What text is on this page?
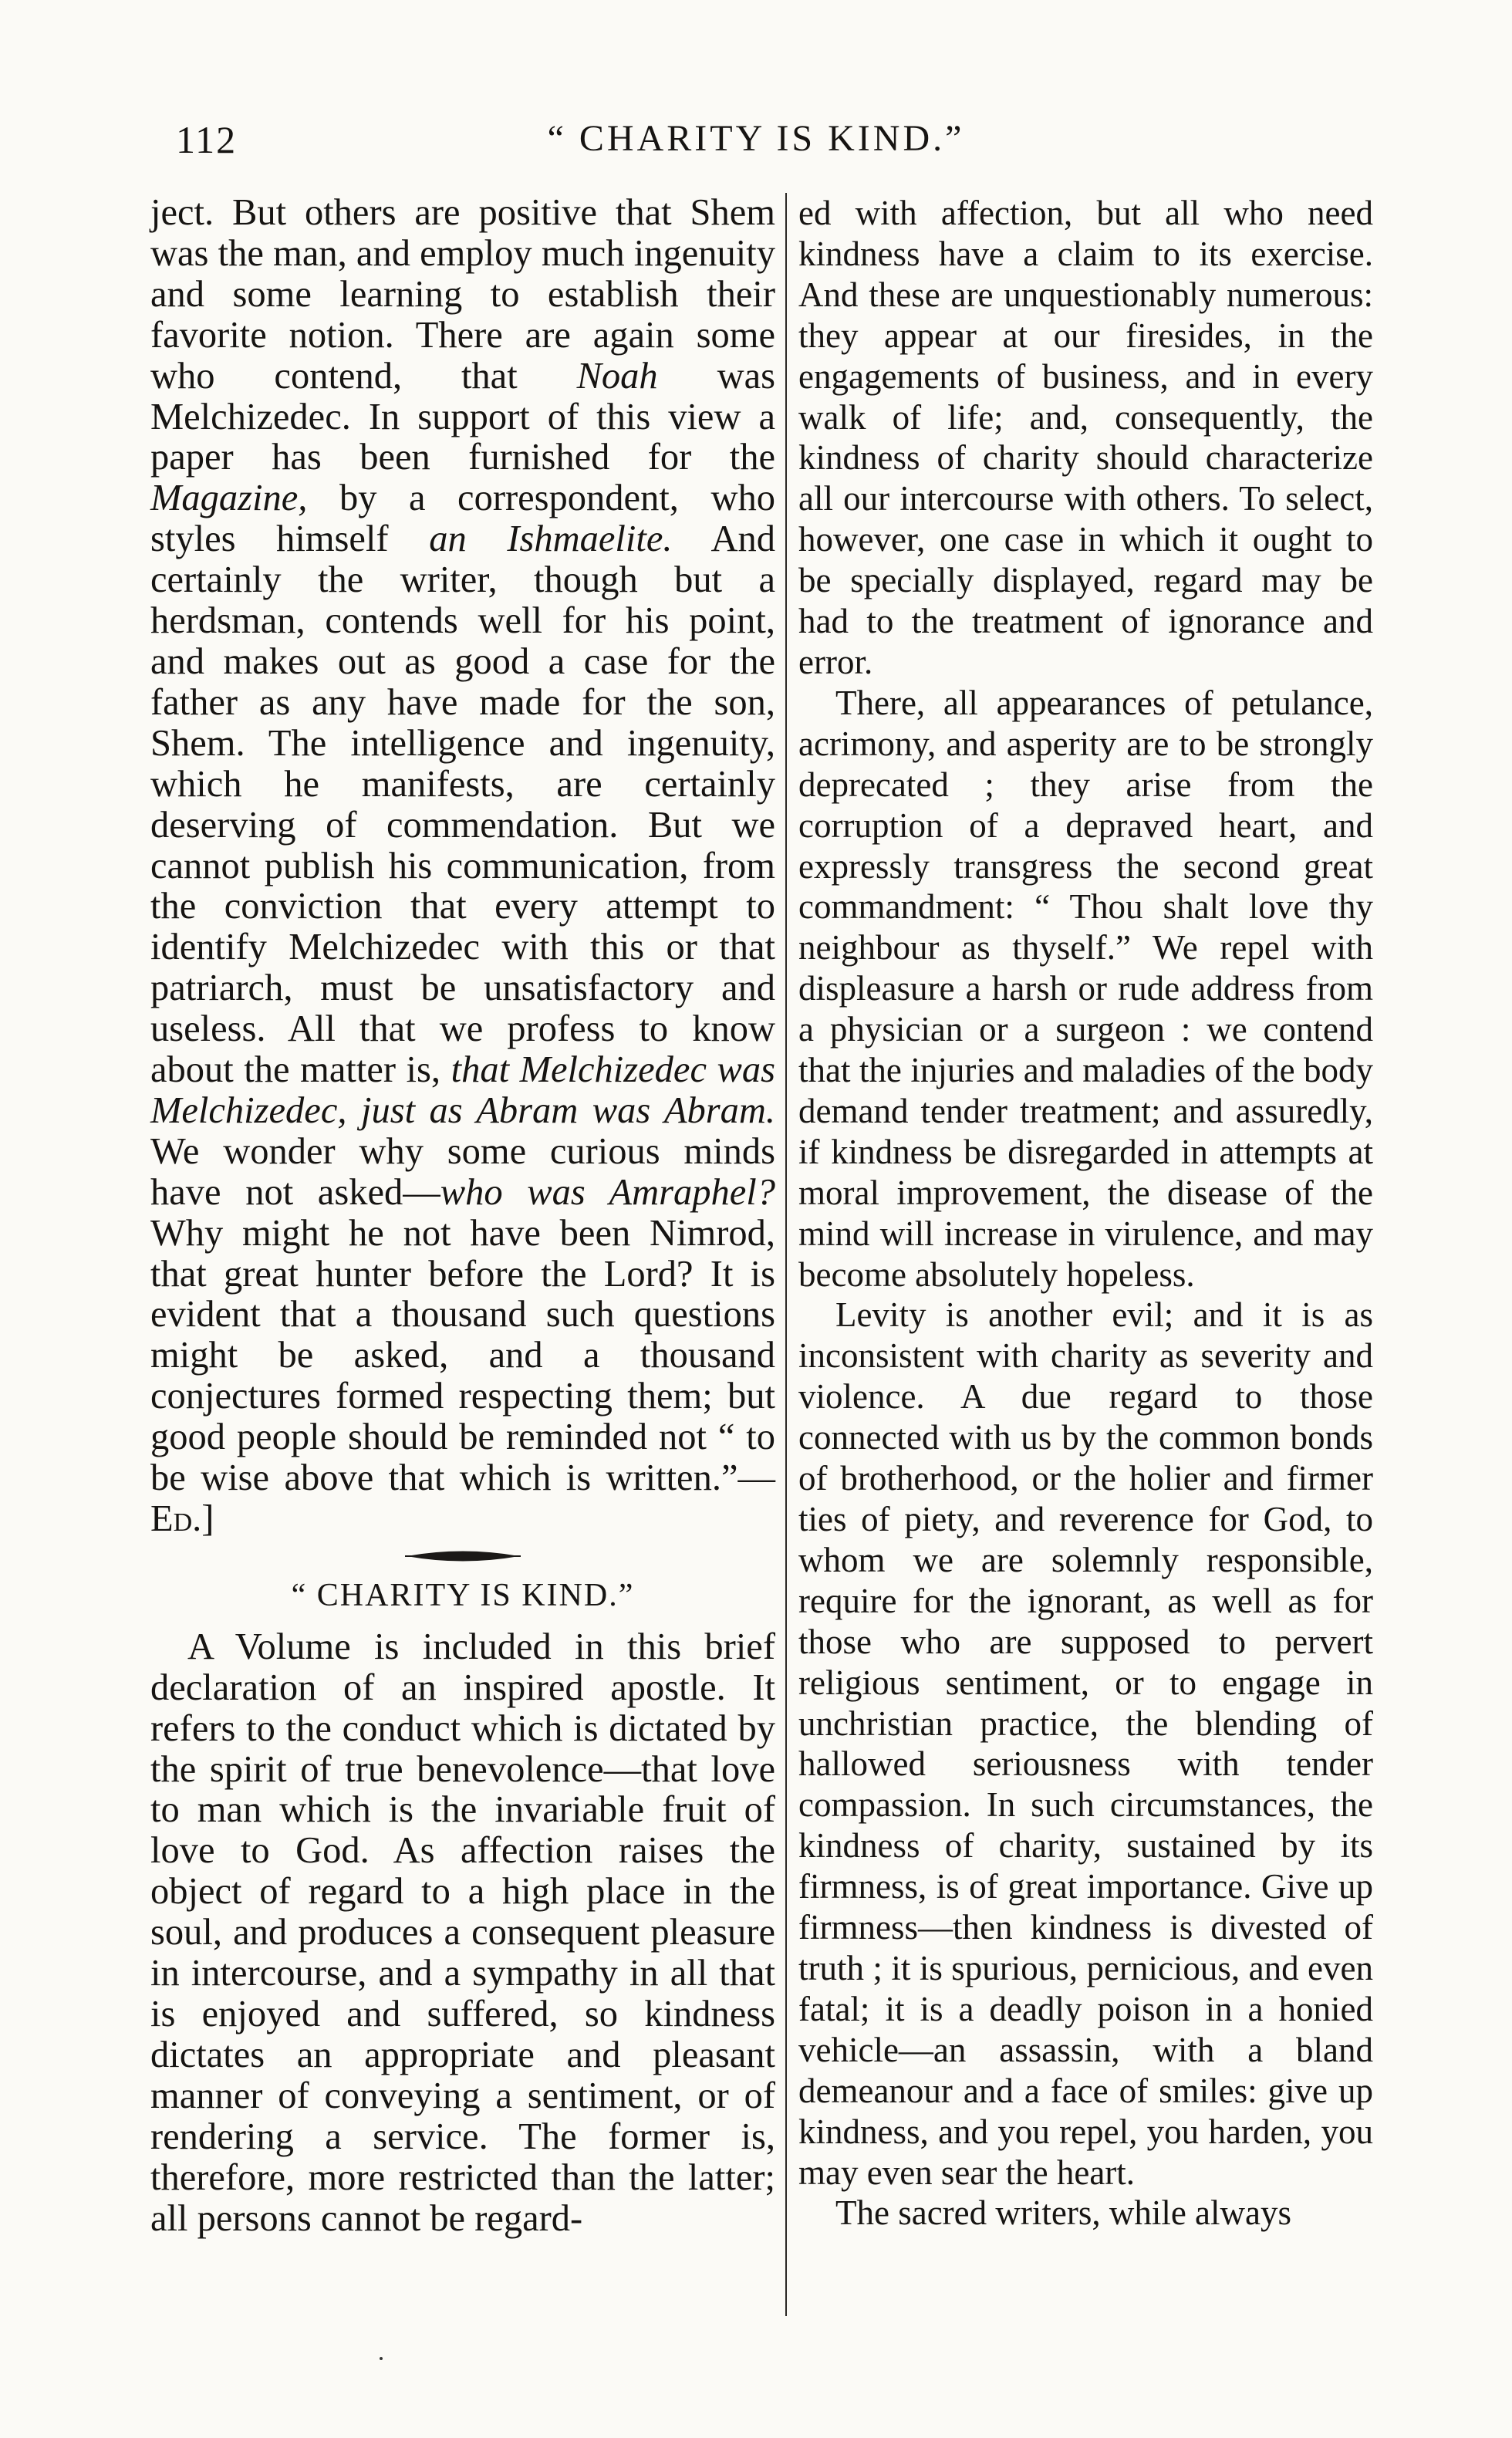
112	“ CHARITY IS KIND.”

ject. But others are positive that Shem was the man, and employ much ingenuity and some learning to establish their favorite notion. There are again some who contend, that Noah was Melchizedec. In support of this view a paper has been furnished for the Magazine, by a correspondent, who styles himself an Ishmaelite. And certainly the writer, though but a herdsman, contends well for his point, and makes out as good a case for the father as any have made for the son, Shem. The intelligence and ingenuity, which he manifests, are certainly deserving of commendation. But we cannot publish his communication, from the conviction that every attempt to identify Melchizedec with this or that patriarch, must be unsatisfactory and useless. All that we profess to know about the matter is, that Melchizedec was Melchizedec, just as Abram was Abram. We wonder why some curious minds have not asked—who was Amraphel? Why might he not have been Nimrod, that great hunter before the Lord? It is evident that a thousand such questions might be asked, and a thousand conjectures formed respecting them; but good people should be reminded not “ to be wise above that which is written.”—Ed.]

“ CHARITY IS KIND.”

A Volume is included in this brief declaration of an inspired apostle. It refers to the conduct which is dictated by the spirit of true benevolence—that love to man which is the invariable fruit of love to God. As affection raises the object of regard to a high place in the soul, and produces a consequent pleasure in intercourse, and a sympathy in all that is enjoyed and suffered, so kindness dictates an appropriate and pleasant manner of conveying a sentiment, or of rendering a service. The former is, therefore, more restricted than the latter; all persons cannot be regard-

ed with affection, but all who need kindness have a claim to its exercise. And these are unquestionably numerous: they appear at our firesides, in the engagements of business, and in every walk of life; and, consequently, the kindness of charity should characterize all our intercourse with others. To select, however, one case in which it ought to be specially displayed, regard may be had to the treatment of ignorance and error.

There, all appearances of petulance, acrimony, and asperity are to be strongly deprecated ; they arise from the corruption of a depraved heart, and expressly transgress the second great commandment: “ Thou shalt love thy neighbour as thyself.” We repel with displeasure a harsh or rude address from a physician or a surgeon : we contend that the injuries and maladies of the body demand tender treatment; and assuredly, if kindness be disregarded in attempts at moral improvement, the disease of the mind will increase in virulence, and may become absolutely hopeless.

Levity is another evil; and it is as inconsistent with charity as severity and violence. A due regard to those connected with us by the common bonds of brotherhood, or the holier and firmer ties of piety, and reverence for God, to whom we are solemnly responsible, require for the ignorant, as well as for those who are supposed to pervert religious sentiment, or to engage in unchristian practice, the blending of hallowed seriousness with tender compassion. In such circumstances, the kindness of charity, sustained by its firmness, is of great importance. Give up firmness—then kindness is divested of truth ; it is spurious, pernicious, and even fatal; it is a deadly poison in a honied vehicle—an assassin, with a bland demeanour and a face of smiles: give up kindness, and you repel, you harden, you may even sear the heart.

The sacred writers, while always
